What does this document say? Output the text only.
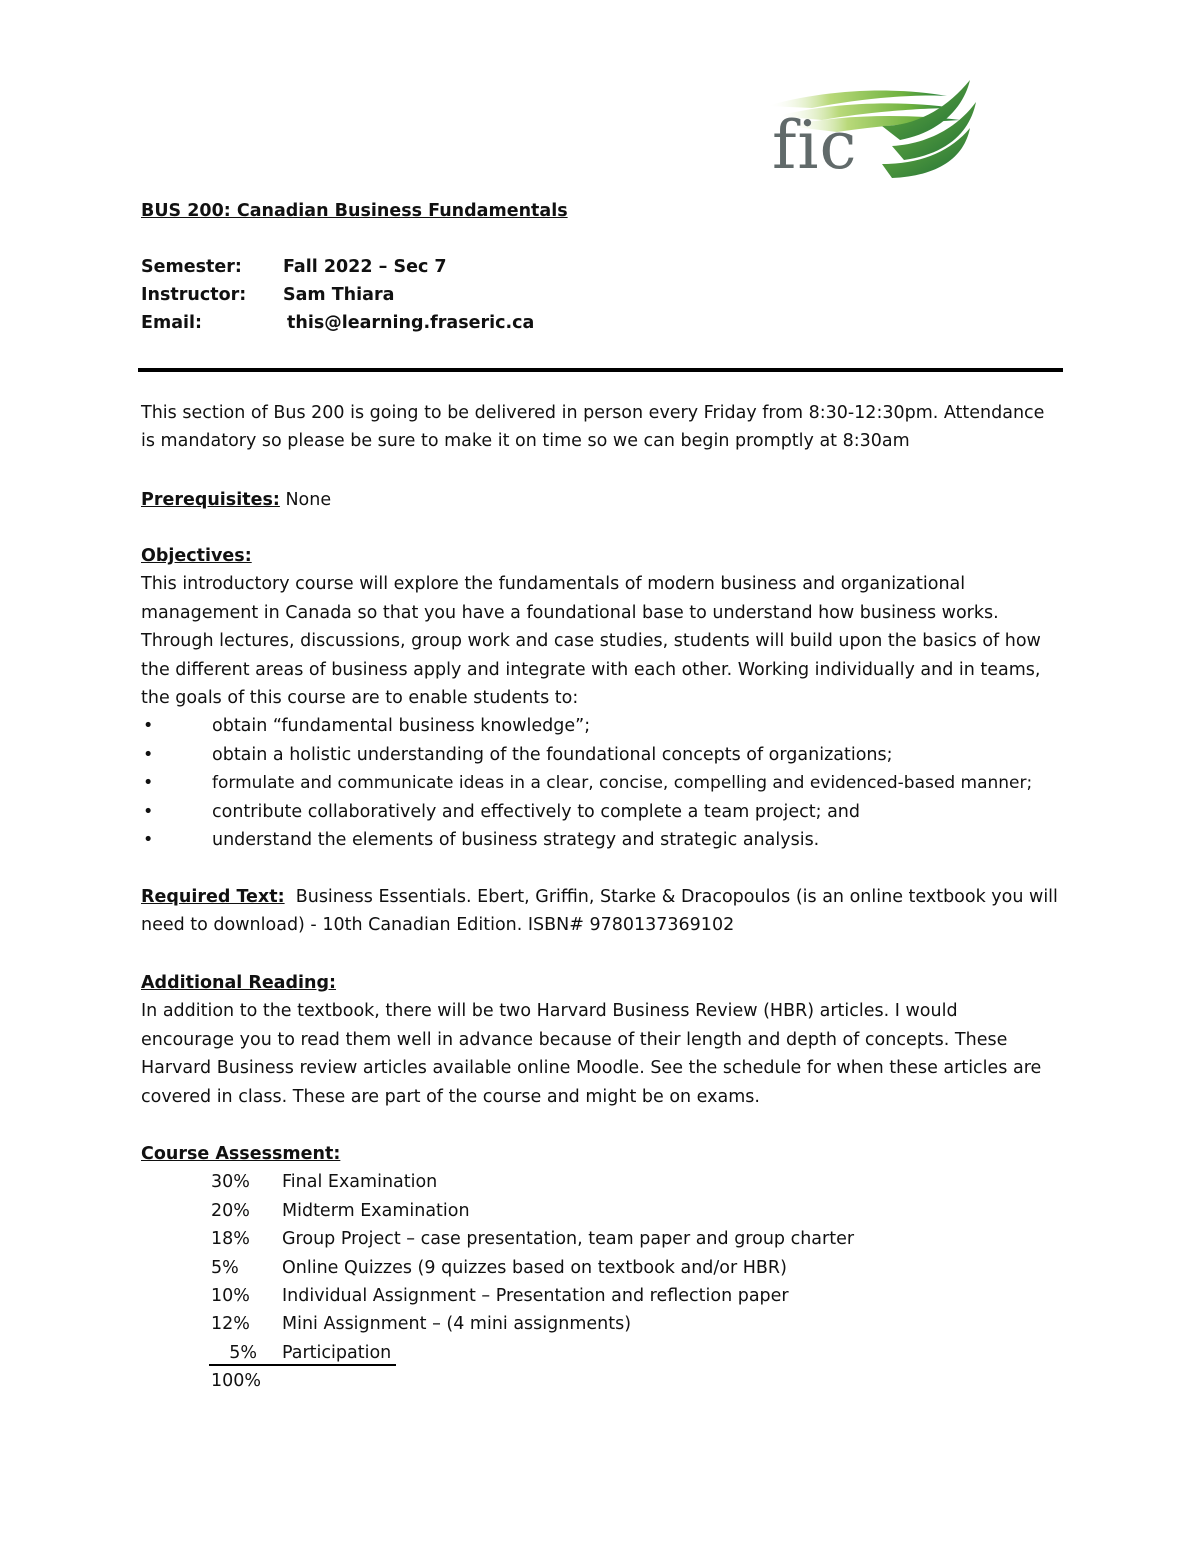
fic
BUS 200: Canadian Business Fundamentals
Semester: Fall 2022 – Sec 7
Instructor: Sam Thiara
Email:	this@learning.fraseric.ca
This section of Bus 200 is going to be delivered in person every Friday from 8:30-12:30pm. Attendance
is mandatory so please be sure to make it on time so we can begin promptly at 8:30am
Prerequisites: None
Objectives:
This introductory course will explore the fundamentals of modern business and organizational
management in Canada so that you have a foundational base to understand how business works.
Through lectures, discussions, group work and case studies, students will build upon the basics of how
the different areas of business apply and integrate with each other. Working individually and in teams,
the goals of this course are to enable students to:
•	obtain “fundamental business knowledge”;
•	obtain a holistic understanding of the foundational concepts of organizations;
•	formulate and communicate ideas in a clear, concise, compelling and evidenced-based manner;
•	contribute collaboratively and effectively to complete a team project; and
•	understand the elements of business strategy and strategic analysis.
Required Text:  Business Essentials. Ebert, Griffin, Starke & Dracopoulos (is an online textbook you will
need to download) - 10th Canadian Edition. ISBN# 9780137369102
Additional Reading:
In addition to the textbook, there will be two Harvard Business Review (HBR) articles. I would
encourage you to read them well in advance because of their length and depth of concepts. These
Harvard Business review articles available online Moodle. See the schedule for when these articles are
covered in class. These are part of the course and might be on exams.
Course Assessment:
30%	Final Examination
20%	Midterm Examination
18%	Group Project – case presentation, team paper and group charter
5%	Online Quizzes (9 quizzes based on textbook and/or HBR)
10%	Individual Assignment – Presentation and reflection paper
12%	Mini Assignment – (4 mini assignments)
5% Participation
100%
